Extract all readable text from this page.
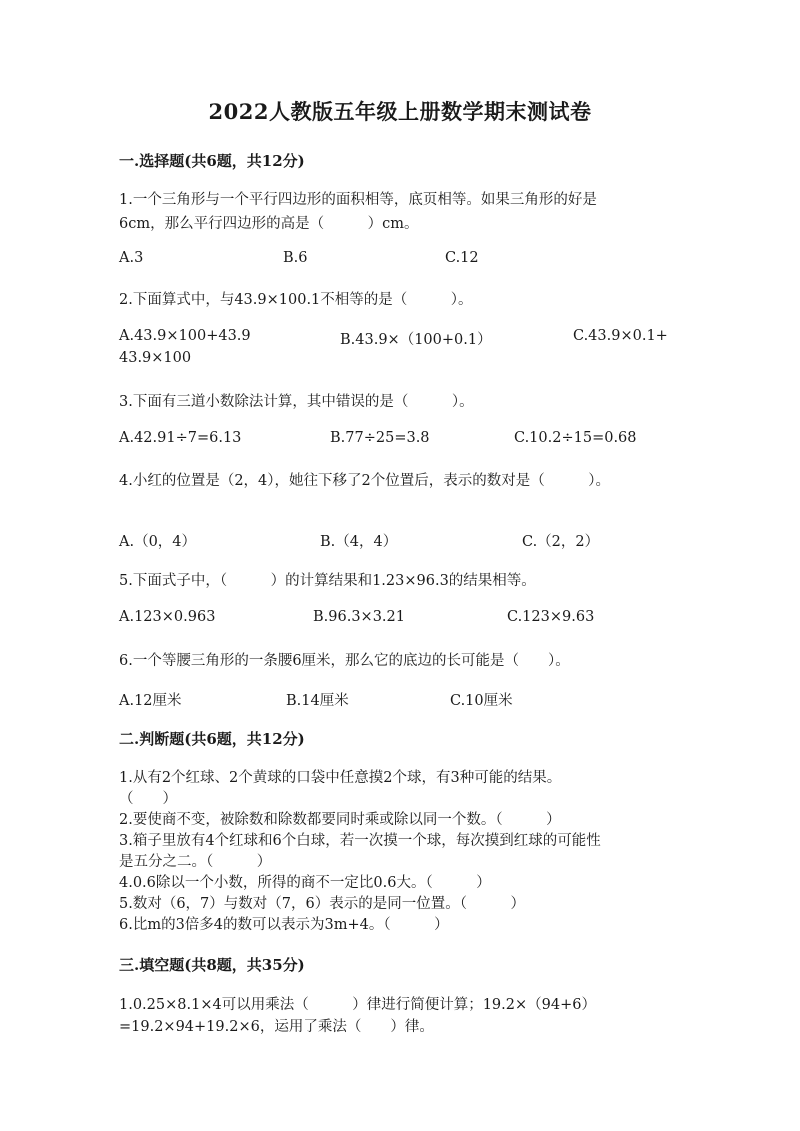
2022人教版五年级上册数学期末测试卷
一.选择题(共6题，共12分)
1.一个三角形与一个平行四边形的面积相等，底页相等。如果三角形的好是
6cm，那么平行四边形的高是（　　　）cm。
A.3	B.6	C.12
2.下面算式中，与43.9×100.1不相等的是（　　　）。
A.43.9×100+43.9	B.43.9×（100+0.1）	C.43.9×0.1+
43.9×100
3.下面有三道小数除法计算，其中错误的是（　　　）。
A.42.91÷7=6.13	B.77÷25=3.8	C.10.2÷15=0.68
4.小红的位置是（2，4），她往下移了2个位置后，表示的数对是（　　　）。
A.（0，4）	B.（4，4）	C.（2，2）
5.下面式子中，（　　　）的计算结果和1.23×96.3的结果相等。
A.123×0.963	B.96.3×3.21	C.123×9.63
6.一个等腰三角形的一条腰6厘米，那么它的底边的长可能是（　　）。
A.12厘米	B.14厘米	C.10厘米
二.判断题(共6题，共12分)
1.从有2个红球、2个黄球的口袋中任意摸2个球，有3种可能的结果。
（　　）
2.要使商不变，被除数和除数都要同时乘或除以同一个数。（　　　）
3.箱子里放有4个红球和6个白球，若一次摸一个球，每次摸到红球的可能性
是五分之二。（　　　）
4.0.6除以一个小数，所得的商不一定比0.6大。（　　　）
5.数对（6，7）与数对（7，6）表示的是同一位置。（　　　）
6.比m的3倍多4的数可以表示为3m+4。（　　　）
三.填空题(共8题，共35分)
1.0.25×8.1×4可以用乘法（　　　）律进行简便计算；19.2×（94+6）
=19.2×94+19.2×6，运用了乘法（　　）律。
